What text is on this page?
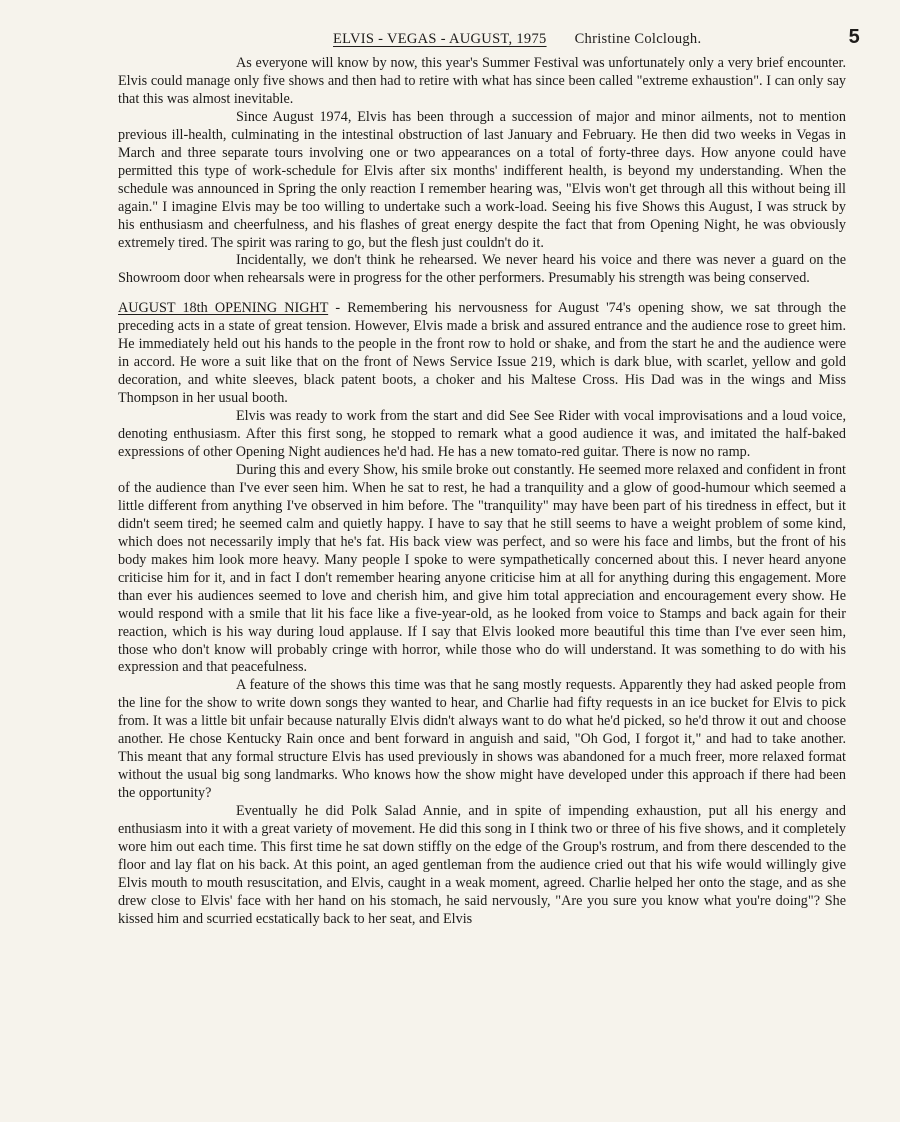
ELVIS - VEGAS - AUGUST, 1975 Christine Colclough.	5

As everyone will know by now, this year's Summer Festival was unfortunately only a very brief encounter. Elvis could manage only five shows and then had to retire with what has since been called "extreme exhaustion". I can only say that this was almost inevitable.

Since August 1974, Elvis has been through a succession of major and minor ailments, not to mention previous ill-health, culminating in the intestinal obstruction of last January and February. He then did two weeks in Vegas in March and three separate tours involving one or two appearances on a total of forty-three days. How anyone could have permitted this type of work-schedule for Elvis after six months' indifferent health, is beyond my understanding. When the schedule was announced in Spring the only reaction I remember hearing was, "Elvis won't get through all this without being ill again." I imagine Elvis may be too willing to undertake such a work-load. Seeing his five Shows this August, I was struck by his enthusiasm and cheerfulness, and his flashes of great energy despite the fact that from Opening Night, he was obviously extremely tired. The spirit was raring to go, but the flesh just couldn't do it.

Incidentally, we don't think he rehearsed. We never heard his voice and there was never a guard on the Showroom door when rehearsals were in progress for the other performers. Presumably his strength was being conserved.

AUGUST 18th OPENING NIGHT - Remembering his nervousness for August '74's opening show, we sat through the preceding acts in a state of great tension. However, Elvis made a brisk and assured entrance and the audience rose to greet him. He immediately held out his hands to the people in the front row to hold or shake, and from the start he and the audience were in accord. He wore a suit like that on the front of News Service Issue 219, which is dark blue, with scarlet, yellow and gold decoration, and white sleeves, black patent boots, a choker and his Maltese Cross. His Dad was in the wings and Miss Thompson in her usual booth.

Elvis was ready to work from the start and did See See Rider with vocal improvisations and a loud voice, denoting enthusiasm. After this first song, he stopped to remark what a good audience it was, and imitated the half-baked expressions of other Opening Night audiences he'd had. He has a new tomato-red guitar. There is now no ramp.

During this and every Show, his smile broke out constantly. He seemed more relaxed and confident in front of the audience than I've ever seen him. When he sat to rest, he had a tranquility and a glow of good-humour which seemed a little different from anything I've observed in him before. The "tranquility" may have been part of his tiredness in effect, but it didn't seem tired; he seemed calm and quietly happy. I have to say that he still seems to have a weight problem of some kind, which does not necessarily imply that he's fat. His back view was perfect, and so were his face and limbs, but the front of his body makes him look more heavy. Many people I spoke to were sympathetically concerned about this. I never heard anyone criticise him for it, and in fact I don't remember hearing anyone criticise him at all for anything during this engagement. More than ever his audiences seemed to love and cherish him, and give him total appreciation and encouragement every show. He would respond with a smile that lit his face like a five-year-old, as he looked from voice to Stamps and back again for their reaction, which is his way during loud applause. If I say that Elvis looked more beautiful this time than I've ever seen him, those who don't know will probably cringe with horror, while those who do will understand. It was something to do with his expression and that peacefulness.

A feature of the shows this time was that he sang mostly requests. Apparently they had asked people from the line for the show to write down songs they wanted to hear, and Charlie had fifty requests in an ice bucket for Elvis to pick from. It was a little bit unfair because naturally Elvis didn't always want to do what he'd picked, so he'd throw it out and choose another. He chose Kentucky Rain once and bent forward in anguish and said, "Oh God, I forgot it," and had to take another. This meant that any formal structure Elvis has used previously in shows was abandoned for a much freer, more relaxed format without the usual big song landmarks. Who knows how the show might have developed under this approach if there had been the opportunity?

Eventually he did Polk Salad Annie, and in spite of impending exhaustion, put all his energy and enthusiasm into it with a great variety of movement. He did this song in I think two or three of his five shows, and it completely wore him out each time. This first time he sat down stiffly on the edge of the Group's rostrum, and from there descended to the floor and lay flat on his back. At this point, an aged gentleman from the audience cried out that his wife would willingly give Elvis mouth to mouth resuscitation, and Elvis, caught in a weak moment, agreed. Charlie helped her onto the stage, and as she drew close to Elvis' face with her hand on his stomach, he said nervously, "Are you sure you know what you're doing"? She kissed him and scurried ecstatically back to her seat, and Elvis
